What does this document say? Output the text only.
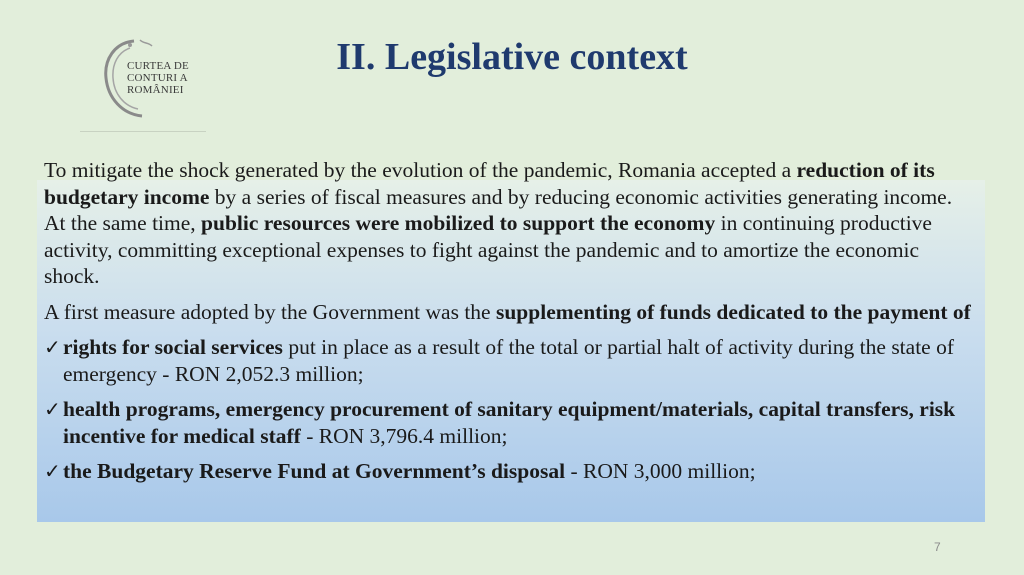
CURTEA DE
CONTURI A
ROMÂNIEI
II. Legislative context

To mitigate the shock generated by the evolution of the pandemic, Romania accepted a reduction of its budgetary income by a series of fiscal measures and by reducing economic activities generating income. At the same time, public resources were mobilized to support the economy in continuing productive activity, committing exceptional expenses to fight against the pandemic and to amortize the economic shock.

A first measure adopted by the Government was the supplementing of funds dedicated to the payment of

✓ rights for social services put in place as a result of the total or partial halt of activity during the state of emergency - RON 2,052.3 million;
✓ health programs, emergency procurement of sanitary equipment/materials, capital transfers, risk incentive for medical staff - RON 3,796.4 million;
✓ the Budgetary Reserve Fund at Government’s disposal - RON 3,000 million;
7
